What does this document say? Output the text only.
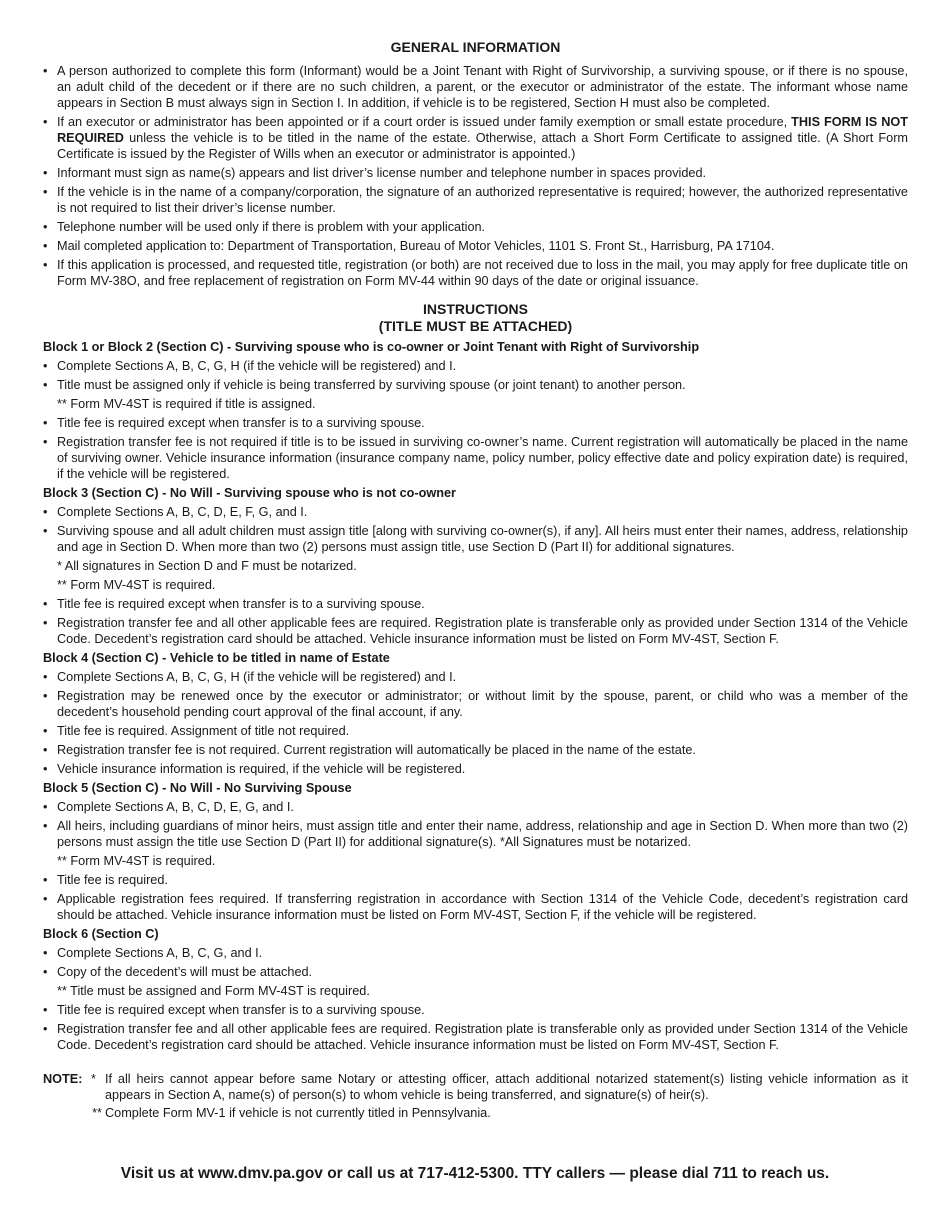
GENERAL INFORMATION
• A person authorized to complete this form (Informant) would be a Joint Tenant with Right of Survivorship, a surviving spouse, or if there is no spouse, an adult child of the decedent or if there are no such children, a parent, or the executor or administrator of the estate. The informant whose name appears in Section B must always sign in Section I. In addition, if vehicle is to be registered, Section H must also be completed.
• If an executor or administrator has been appointed or if a court order is issued under family exemption or small estate procedure, THIS FORM IS NOT REQUIRED unless the vehicle is to be titled in the name of the estate. Otherwise, attach a Short Form Certificate to assigned title. (A Short Form Certificate is issued by the Register of Wills when an executor or administrator is appointed.)
• Informant must sign as name(s) appears and list driver’s license number and telephone number in spaces provided.
• If the vehicle is in the name of a company/corporation, the signature of an authorized representative is required; however, the authorized representative is not required to list their driver’s license number.
• Telephone number will be used only if there is problem with your application.
• Mail completed application to: Department of Transportation, Bureau of Motor Vehicles, 1101 S. Front St., Harrisburg, PA 17104.
• If this application is processed, and requested title, registration (or both) are not received due to loss in the mail, you may apply for free duplicate title on Form MV-38O, and free replacement of registration on Form MV-44 within 90 days of the date or original issuance.
INSTRUCTIONS
(TITLE MUST BE ATTACHED)
Block 1 or Block 2 (Section C) - Surviving spouse who is co-owner or Joint Tenant with Right of Survivorship
• Complete Sections A, B, C, G, H (if the vehicle will be registered) and I.
• Title must be assigned only if vehicle is being transferred by surviving spouse (or joint tenant) to another person.
** Form MV-4ST is required if title is assigned.
• Title fee is required except when transfer is to a surviving spouse.
• Registration transfer fee is not required if title is to be issued in surviving co-owner’s name. Current registration will automatically be placed in the name of surviving owner. Vehicle insurance information (insurance company name, policy number, policy effective date and policy expiration date) is required, if the vehicle will be registered.
Block 3 (Section C) - No Will - Surviving spouse who is not co-owner
• Complete Sections A, B, C, D, E, F, G, and I.
• Surviving spouse and all adult children must assign title [along with surviving co-owner(s), if any]. All heirs must enter their names, address, relationship and age in Section D. When more than two (2) persons must assign title, use Section D (Part II) for additional signatures.
* All signatures in Section D and F must be notarized.
** Form MV-4ST is required.
• Title fee is required except when transfer is to a surviving spouse.
• Registration transfer fee and all other applicable fees are required. Registration plate is transferable only as provided under Section 1314 of the Vehicle Code. Decedent’s registration card should be attached. Vehicle insurance information must be listed on Form MV-4ST, Section F.
Block 4 (Section C) - Vehicle to be titled in name of Estate
• Complete Sections A, B, C, G, H (if the vehicle will be registered) and I.
• Registration may be renewed once by the executor or administrator; or without limit by the spouse, parent, or child who was a member of the decedent’s household pending court approval of the final account, if any.
• Title fee is required. Assignment of title not required.
• Registration transfer fee is not required. Current registration will automatically be placed in the name of the estate.
• Vehicle insurance information is required, if the vehicle will be registered.
Block 5 (Section C) - No Will - No Surviving Spouse
• Complete Sections A, B, C, D, E, G, and I.
• All heirs, including guardians of minor heirs, must assign title and enter their name, address, relationship and age in Section D. When more than two (2) persons must assign the title use Section D (Part II) for additional signature(s). *All Signatures must be notarized.
** Form MV-4ST is required.
• Title fee is required.
• Applicable registration fees required. If transferring registration in accordance with Section 1314 of the Vehicle Code, decedent’s registration card should be attached. Vehicle insurance information must be listed on Form MV-4ST, Section F, if the vehicle will be registered.
Block 6 (Section C)
• Complete Sections A, B, C, G, and I.
• Copy of the decedent’s will must be attached.
** Title must be assigned and Form MV-4ST is required.
• Title fee is required except when transfer is to a surviving spouse.
• Registration transfer fee and all other applicable fees are required. Registration plate is transferable only as provided under Section 1314 of the Vehicle Code. Decedent’s registration card should be attached. Vehicle insurance information must be listed on Form MV-4ST, Section F.
NOTE: * If all heirs cannot appear before same Notary or attesting officer, attach additional notarized statement(s) listing vehicle information as it appears in Section A, name(s) of person(s) to whom vehicle is being transferred, and signature(s) of heir(s).
** Complete Form MV-1 if vehicle is not currently titled in Pennsylvania.
Visit us at www.dmv.pa.gov or call us at 717-412-5300. TTY callers — please dial 711 to reach us.
